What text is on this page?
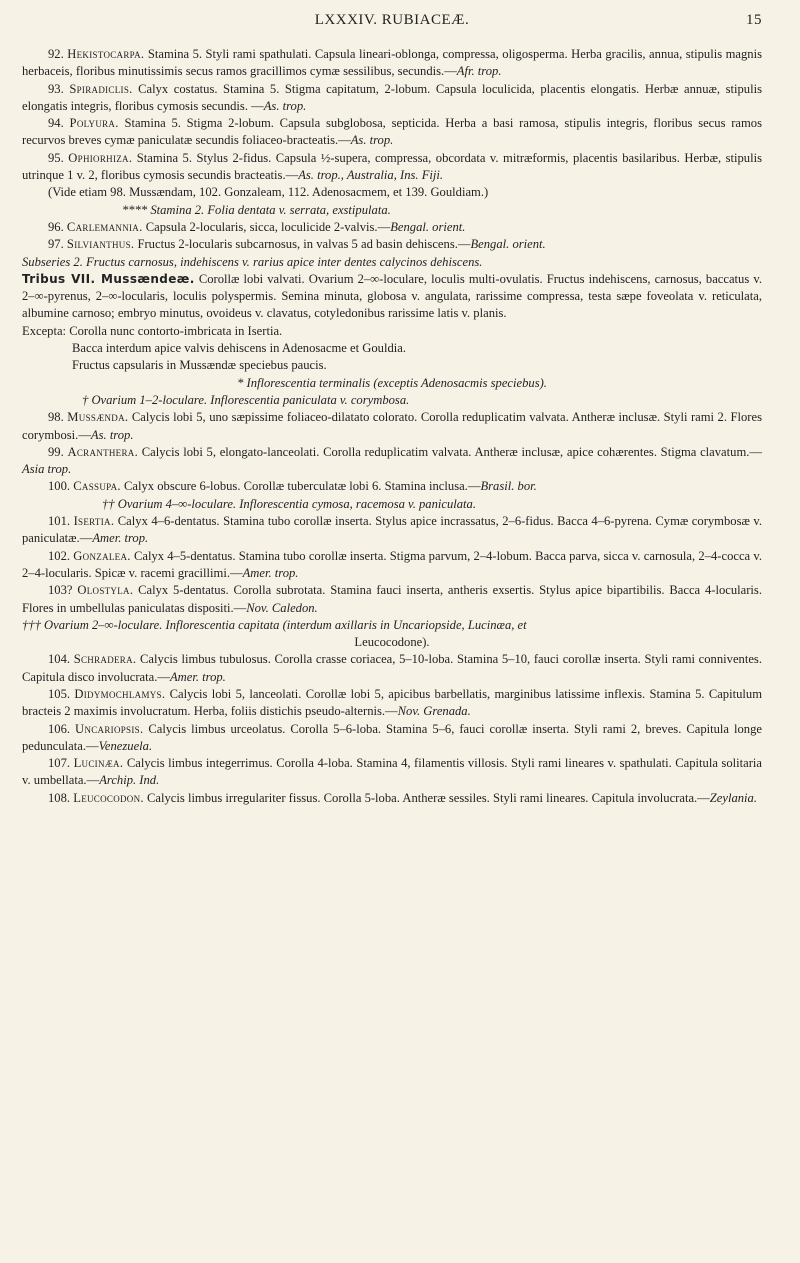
LXXXIV. RUBIACEÆ.	15

92. Hekistocarpa. Stamina 5. Styli rami spathulati. Capsula lineari-oblonga, compressa, oligosperma. Herba gracilis, annua, stipulis magnis herbaceis, floribus minutissimis secus ramos gracillimos cymæ sessilibus, secundis.—Afr. trop.

93. Spiradiclis. Calyx costatus. Stamina 5. Stigma capitatum, 2-lobum. Capsula loculicida, placentis elongatis. Herbæ annuæ, stipulis elongatis integris, floribus cymosis secundis. —As. trop.

94. Polyura. Stamina 5. Stigma 2-lobum. Capsula subglobosa, septicida. Herba a basi ramosa, stipulis integris, floribus secus ramos recurvos breves cymæ paniculatæ secundis foliaceo-bracteatis.—As. trop.

95. Ophiorhiza. Stamina 5. Stylus 2-fidus. Capsula ½-supera, compressa, obcordata v. mitræformis, placentis basilaribus. Herbæ, stipulis utrinque 1 v. 2, floribus cymosis secundis bracteatis.—As. trop., Australia, Ins. Fiji.

(Vide etiam 98. Mussændam, 102. Gonzaleam, 112. Adenosacmem, et 139. Gouldiam.)

**** Stamina 2. Folia dentata v. serrata, exstipulata.

96. Carlemannia. Capsula 2-locularis, sicca, loculicide 2-valvis.—Bengal. orient.

97. Silvianthus. Fructus 2-locularis subcarnosus, in valvas 5 ad basin dehiscens.—Bengal. orient.

Subseries 2. Fructus carnosus, indehiscens v. rarius apice inter dentes calycinos dehiscens.

Tribus VII. Mussændeæ. Corollæ lobi valvati. Ovarium 2–∞-loculare, loculis multi-ovulatis. Fructus indehiscens, carnosus, baccatus v. 2–∞-pyrenus, 2–∞-locularis, loculis polyspermis. Semina minuta, globosa v. angulata, rarissime compressa, testa sæpe foveolata v. reticulata, albumine carnoso; embryo minutus, ovoideus v. clavatus, cotyledonibus rarissime latis v. planis.

Excepta: Corolla nunc contorto-imbricata in Isertia.

Bacca interdum apice valvis dehiscens in Adenosacme et Gouldia.

Fructus capsularis in Mussændæ speciebus paucis.

* Inflorescentia terminalis (exceptis Adenosacmis speciebus).

† Ovarium 1–2-loculare. Inflorescentia paniculata v. corymbosa.

98. Mussænda. Calycis lobi 5, uno sæpissime foliaceo-dilatato colorato. Corolla reduplicatim valvata. Antheræ inclusæ. Styli rami 2. Flores corymbosi.—As. trop.

99. Acranthera. Calycis lobi 5, elongato-lanceolati. Corolla reduplicatim valvata. Antheræ inclusæ, apice cohærentes. Stigma clavatum.—Asia trop.

100. Cassupa. Calyx obscure 6-lobus. Corollæ tuberculatæ lobi 6. Stamina inclusa.—Brasil. bor.

†† Ovarium 4–∞-loculare. Inflorescentia cymosa, racemosa v. paniculata.

101. Isertia. Calyx 4–6-dentatus. Stamina tubo corollæ inserta. Stylus apice incrassatus, 2–6-fidus. Bacca 4–6-pyrena. Cymæ corymbosæ v. paniculatæ.—Amer. trop.

102. Gonzalea. Calyx 4–5-dentatus. Stamina tubo corollæ inserta. Stigma parvum, 2–4-lobum. Bacca parva, sicca v. carnosula, 2–4-cocca v. 2–4-locularis. Spicæ v. racemi gracillimi.—Amer. trop.

103? Olostyla. Calyx 5-dentatus. Corolla subrotata. Stamina fauci inserta, antheris exsertis. Stylus apice bipartibilis. Bacca 4-locularis. Flores in umbellulas paniculatas dispositi.—Nov. Caledon.

††† Ovarium 2–∞-loculare. Inflorescentia capitata (interdum axillaris in Uncariopside, Lucinæa, et

Leucocodone).

104. Schradera. Calycis limbus tubulosus. Corolla crasse coriacea, 5–10-loba. Stamina 5–10, fauci corollæ inserta. Styli rami conniventes. Capitula disco involucrata.—Amer. trop.

105. Didymochlamys. Calycis lobi 5, lanceolati. Corollæ lobi 5, apicibus barbellatis, marginibus latissime inflexis. Stamina 5. Capitulum bracteis 2 maximis involucratum. Herba, foliis distichis pseudo-alternis.—Nov. Grenada.

106. Uncariopsis. Calycis limbus urceolatus. Corolla 5–6-loba. Stamina 5–6, fauci corollæ inserta. Styli rami 2, breves. Capitula longe pedunculata.—Venezuela.

107. Lucinæa. Calycis limbus integerrimus. Corolla 4-loba. Stamina 4, filamentis villosis. Styli rami lineares v. spathulati. Capitula solitaria v. umbellata.—Archip. Ind.

108. Leucocodon. Calycis limbus irregulariter fissus. Corolla 5-loba. Antheræ sessiles. Styli rami lineares. Capitula involucrata.—Zeylania.
